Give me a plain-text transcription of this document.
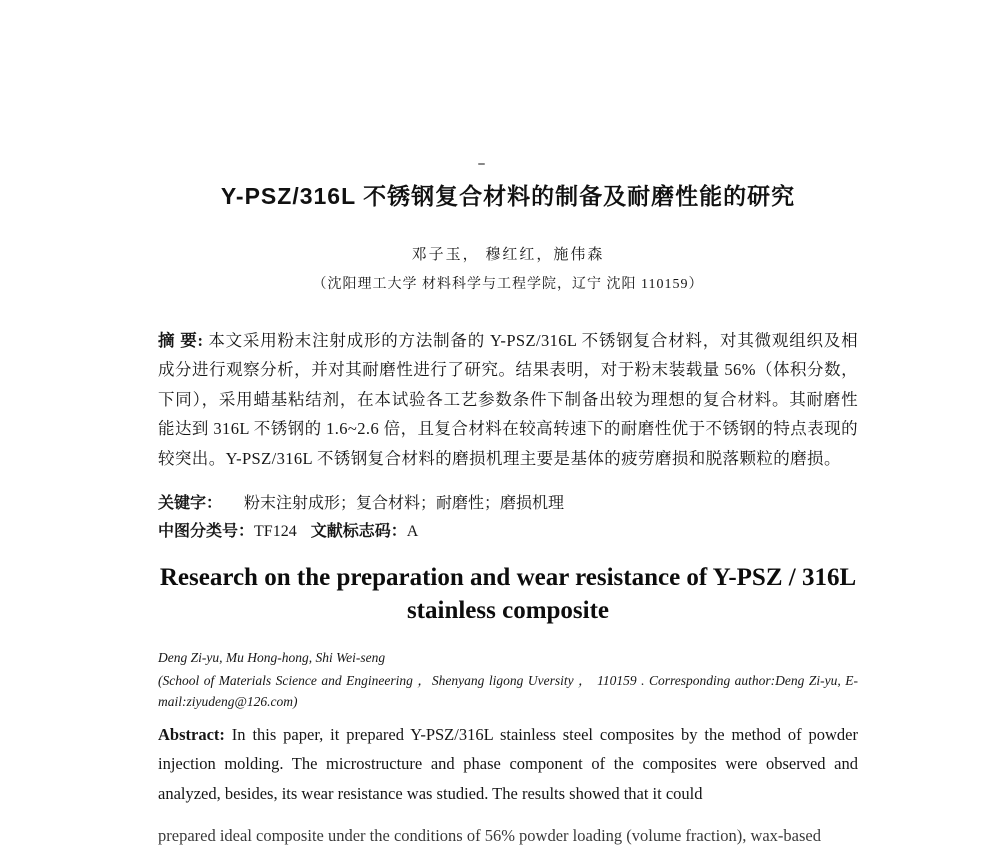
Y-PSZ/316L 不锈钢复合材料的制备及耐磨性能的研究
邓子玉， 穆红红，施伟森
（沈阳理工大学 材料科学与工程学院，辽宁 沈阳 110159）

摘 要: 本文采用粉末注射成形的方法制备的 Y-PSZ/316L 不锈钢复合材料，对其微观组织及相成分进行观察分析，并对其耐磨性进行了研究。结果表明，对于粉末装载量 56%（体积分数，下同），采用蜡基粘结剂，在本试验各工艺参数条件下制备出较为理想的复合材料。其耐磨性能达到 316L 不锈钢的 1.6~2.6 倍，且复合材料在较高转速下的耐磨性优于不锈钢的特点表现的较突出。Y-PSZ/316L 不锈钢复合材料的磨损机理主要是基体的疲劳磨损和脱落颗粒的磨损。

关键字： 粉末注射成形；复合材料；耐磨性；磨损机理
中图分类号：TF124 文献标志码：A
Research on the preparation and wear resistance of Y-PSZ / 316L stainless composite
Deng Zi-yu, Mu Hong-hong, Shi Wei-seng
(School of Materials Science and Engineering ，Shenyang ligong Uversity ， 110159 . Corresponding author:Deng Zi-yu, E-mail:ziyudeng@126.com)

Abstract: In this paper, it prepared Y-PSZ/316L stainless steel composites by the method of powder injection molding. The microstructure and phase component of the composites were observed and analyzed, besides, its wear resistance was studied. The results showed that it could

prepared ideal composite under the conditions of 56% powder loading (volume fraction), wax-based
